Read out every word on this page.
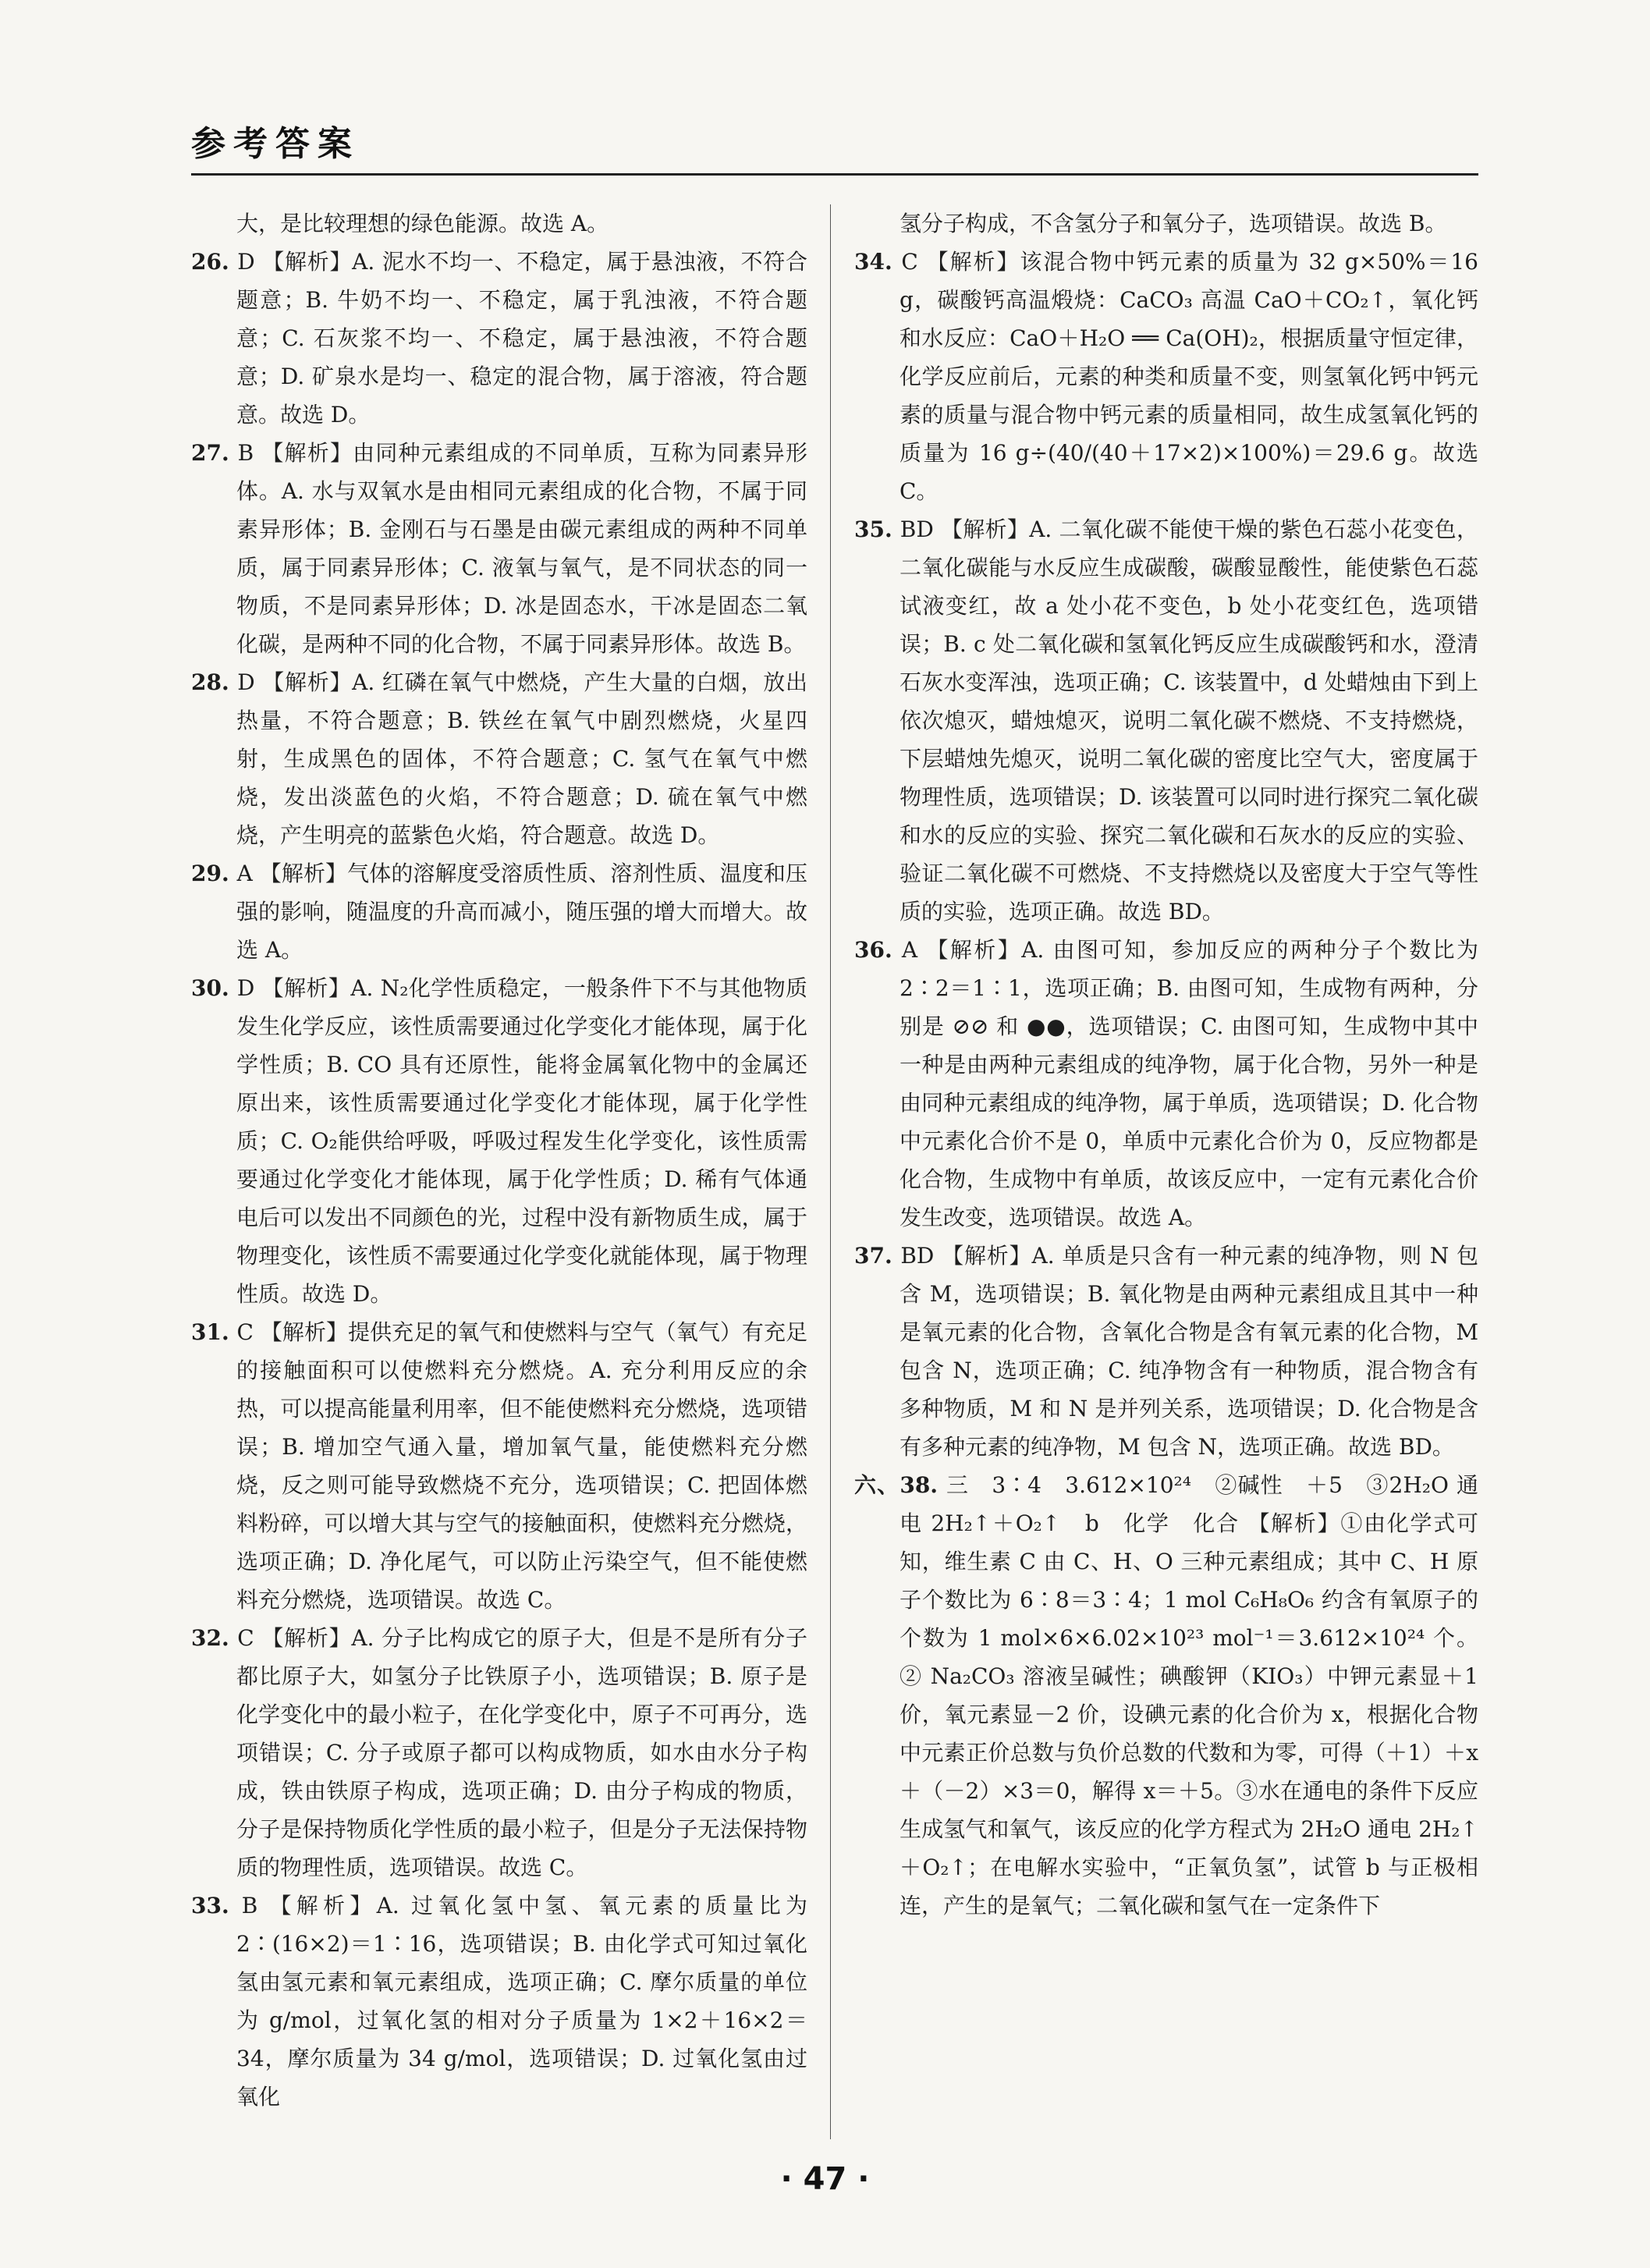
参考答案

大，是比较理想的绿色能源。故选 A。

26. D 【解析】A. 泥水不均一、不稳定，属于悬浊液，不符合题意；B. 牛奶不均一、不稳定，属于乳浊液，不符合题意；C. 石灰浆不均一、不稳定，属于悬浊液，不符合题意；D. 矿泉水是均一、稳定的混合物，属于溶液，符合题意。故选 D。

27. B 【解析】由同种元素组成的不同单质，互称为同素异形体。A. 水与双氧水是由相同元素组成的化合物，不属于同素异形体；B. 金刚石与石墨是由碳元素组成的两种不同单质，属于同素异形体；C. 液氧与氧气，是不同状态的同一物质，不是同素异形体；D. 冰是固态水，干冰是固态二氧化碳，是两种不同的化合物，不属于同素异形体。故选 B。

28. D 【解析】A. 红磷在氧气中燃烧，产生大量的白烟，放出热量，不符合题意；B. 铁丝在氧气中剧烈燃烧，火星四射，生成黑色的固体，不符合题意；C. 氢气在氧气中燃烧，发出淡蓝色的火焰，不符合题意；D. 硫在氧气中燃烧，产生明亮的蓝紫色火焰，符合题意。故选 D。

29. A 【解析】气体的溶解度受溶质性质、溶剂性质、温度和压强的影响，随温度的升高而减小，随压强的增大而增大。故选 A。

30. D 【解析】A. N₂化学性质稳定，一般条件下不与其他物质发生化学反应，该性质需要通过化学变化才能体现，属于化学性质；B. CO 具有还原性，能将金属氧化物中的金属还原出来，该性质需要通过化学变化才能体现，属于化学性质；C. O₂能供给呼吸，呼吸过程发生化学变化，该性质需要通过化学变化才能体现，属于化学性质；D. 稀有气体通电后可以发出不同颜色的光，过程中没有新物质生成，属于物理变化，该性质不需要通过化学变化就能体现，属于物理性质。故选 D。

31. C 【解析】提供充足的氧气和使燃料与空气（氧气）有充足的接触面积可以使燃料充分燃烧。A. 充分利用反应的余热，可以提高能量利用率，但不能使燃料充分燃烧，选项错误；B. 增加空气通入量，增加氧气量，能使燃料充分燃烧，反之则可能导致燃烧不充分，选项错误；C. 把固体燃料粉碎，可以增大其与空气的接触面积，使燃料充分燃烧，选项正确；D. 净化尾气，可以防止污染空气，但不能使燃料充分燃烧，选项错误。故选 C。

32. C 【解析】A. 分子比构成它的原子大，但是不是所有分子都比原子大，如氢分子比铁原子小，选项错误；B. 原子是化学变化中的最小粒子，在化学变化中，原子不可再分，选项错误；C. 分子或原子都可以构成物质，如水由水分子构成，铁由铁原子构成，选项正确；D. 由分子构成的物质，分子是保持物质化学性质的最小粒子，但是分子无法保持物质的物理性质，选项错误。故选 C。

33. B 【解析】A. 过氧化氢中氢、氧元素的质量比为 2∶(16×2)＝1∶16，选项错误；B. 由化学式可知过氧化氢由氢元素和氧元素组成，选项正确；C. 摩尔质量的单位为 g/mol，过氧化氢的相对分子质量为 1×2＋16×2＝34，摩尔质量为 34 g/mol，选项错误；D. 过氧化氢由过氧化

氢分子构成，不含氢分子和氧分子，选项错误。故选 B。

34. C 【解析】该混合物中钙元素的质量为 32 g×50%＝16 g，碳酸钙高温煅烧：CaCO₃ 高温 CaO＋CO₂↑，氧化钙和水反应：CaO＋H₂O ══ Ca(OH)₂，根据质量守恒定律，化学反应前后，元素的种类和质量不变，则氢氧化钙中钙元素的质量与混合物中钙元素的质量相同，故生成氢氧化钙的质量为 16 g÷(40/(40＋17×2)×100%)＝29.6 g。故选 C。

35. BD 【解析】A. 二氧化碳不能使干燥的紫色石蕊小花变色，二氧化碳能与水反应生成碳酸，碳酸显酸性，能使紫色石蕊试液变红，故 a 处小花不变色，b 处小花变红色，选项错误；B. c 处二氧化碳和氢氧化钙反应生成碳酸钙和水，澄清石灰水变浑浊，选项正确；C. 该装置中，d 处蜡烛由下到上依次熄灭，蜡烛熄灭，说明二氧化碳不燃烧、不支持燃烧，下层蜡烛先熄灭，说明二氧化碳的密度比空气大，密度属于物理性质，选项错误；D. 该装置可以同时进行探究二氧化碳和水的反应的实验、探究二氧化碳和石灰水的反应的实验、验证二氧化碳不可燃烧、不支持燃烧以及密度大于空气等性质的实验，选项正确。故选 BD。

36. A 【解析】A. 由图可知，参加反应的两种分子个数比为 2∶2＝1∶1，选项正确；B. 由图可知，生成物有两种，分别是 ⊘⊘ 和 ●●，选项错误；C. 由图可知，生成物中其中一种是由两种元素组成的纯净物，属于化合物，另外一种是由同种元素组成的纯净物，属于单质，选项错误；D. 化合物中元素化合价不是 0，单质中元素化合价为 0，反应物都是化合物，生成物中有单质，故该反应中，一定有元素化合价发生改变，选项错误。故选 A。

37. BD 【解析】A. 单质是只含有一种元素的纯净物，则 N 包含 M，选项错误；B. 氧化物是由两种元素组成且其中一种是氧元素的化合物，含氧化合物是含有氧元素的化合物，M 包含 N，选项正确；C. 纯净物含有一种物质，混合物含有多种物质，M 和 N 是并列关系，选项错误；D. 化合物是含有多种元素的纯净物，M 包含 N，选项正确。故选 BD。

六、38. 三　3∶4　3.612×10²⁴　②碱性　＋5　③2H₂O 通电 2H₂↑＋O₂↑　b　化学　化合 【解析】①由化学式可知，维生素 C 由 C、H、O 三种元素组成；其中 C、H 原子个数比为 6∶8＝3∶4；1 mol C₆H₈O₆ 约含有氧原子的个数为 1 mol×6×6.02×10²³ mol⁻¹＝3.612×10²⁴ 个。② Na₂CO₃ 溶液呈碱性；碘酸钾（KIO₃）中钾元素显＋1 价，氧元素显－2 价，设碘元素的化合价为 x，根据化合物中元素正价总数与负价总数的代数和为零，可得（＋1）＋x＋（－2）×3＝0，解得 x＝＋5。③水在通电的条件下反应生成氢气和氧气，该反应的化学方程式为 2H₂O 通电 2H₂↑＋O₂↑；在电解水实验中，“正氧负氢”，试管 b 与正极相连，产生的是氧气；二氧化碳和氢气在一定条件下

· 47 ·
